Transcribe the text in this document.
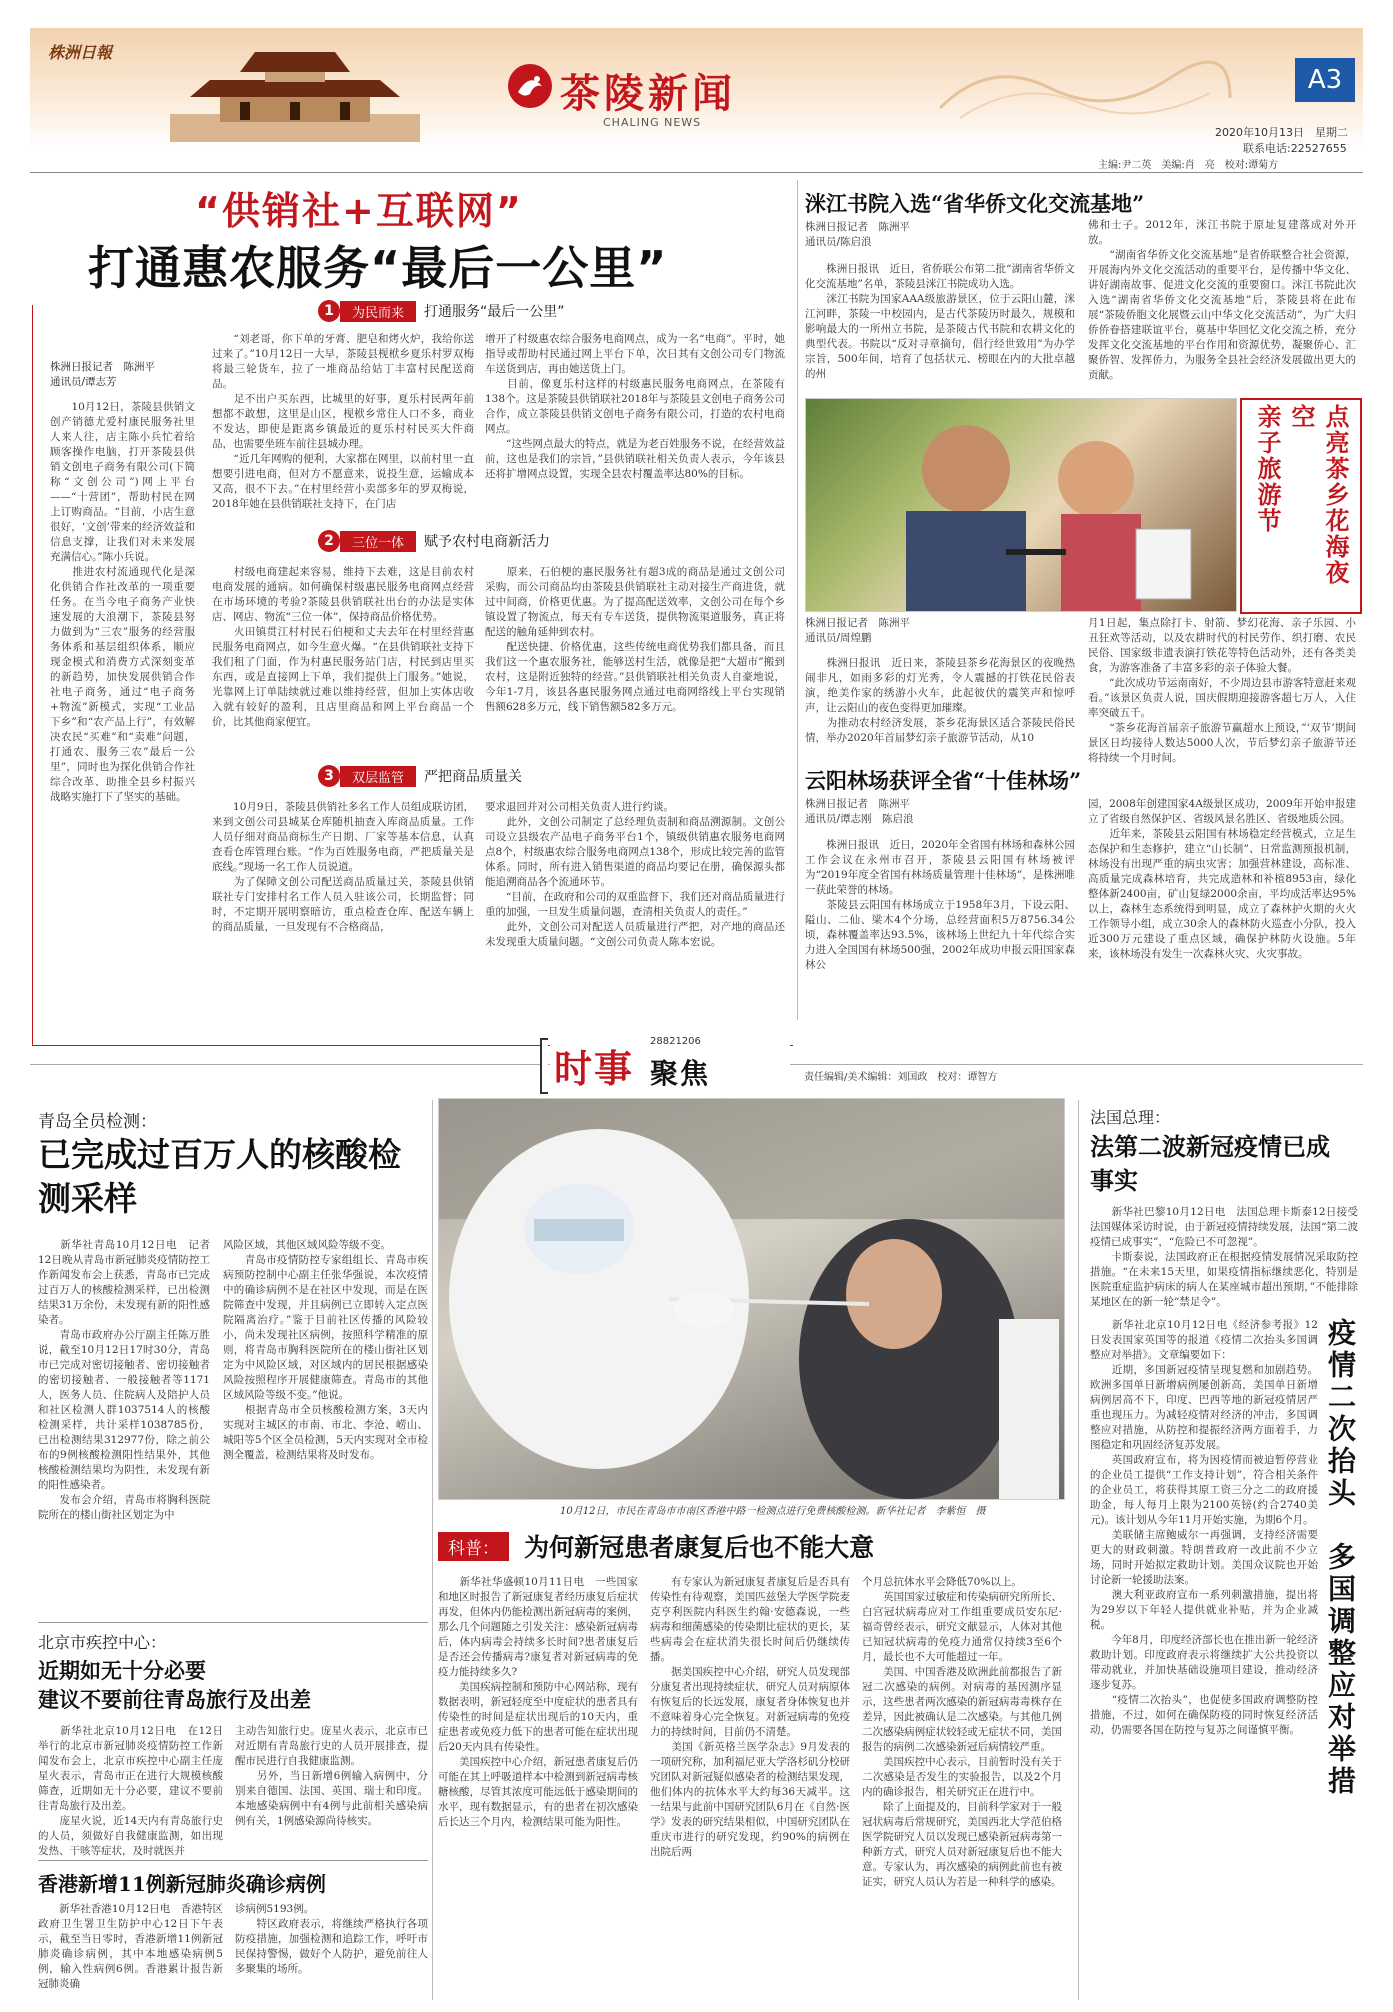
株洲日報
茶陵新闻
CHALING NEWS
A3
2020年10月13日　星期二
联系电话:22527655
主编:尹二英　美编:肖　亮　校对:谭菊方
“供销社+互联网”
打通惠农服务“最后一公里”
株洲日报记者　陈洲平
通讯员/谭志芳
　　10月12日，茶陵县供销文创产销德尤爱村康民服务社里人来人往，店主陈小兵忙着给顾客操作电脑，打开茶陵县供销文创电子商务有限公司(下简称“文创公司”)网上平台——“十营团”，帮助村民在网上订购商品。“目前，小店生意很好，‘文创’带来的经济效益和信息支撑，让我们对未来发展充满信心。”陈小兵说。
　　推进农村流通现代化是深化供销合作社改革的一项重要任务。在当今电子商务产业快速发展的大浪潮下，茶陵县努力做到为“三农”服务的经营服务体系和基层组织体系，顺应现金模式和消费方式深刻变革的新趋势，加快发展供销合作社电子商务，通过“电子商务+物流”新模式，实现“工业品下乡”和“农产品上行”，有效解决农民“买难”和“卖难”问题，打通农、服务三农”最后一公里”，同时也为探化供销合作社综合改革、助推全县乡村振兴战略实施打下了坚实的基础。
1 为民而来 打通服务“最后一公里”
　　“刘老哥，你下单的牙膏、肥皂和烤火炉，我给你送过来了。”10月12日一大早，茶陵县枧栿乡夏乐村罗双梅将最三轮货车，拉了一堆商品给姑丁丰富村民配送商品。
　　足不出户买东西，比城里的好事，夏乐村民两年前想都不敢想，这里是山区，枧栿乡常住人口不多，商业不发达，即使是距离乡镇最近的夏乐村村民买大件商品，也需要坐班车前往县城办理。
　　“近几年网购的便利，大家都在网里，以前村里一直想要引进电商，但对方不愿意来，说投生意，运输成本又高，很不下去。”在村里经营小卖部多年的罗双梅说，2018年她在县供销联社支持下，在门店
增开了村级惠农综合服务电商网点，成为一名“电商”。平时，她指导或帮助村民通过网上平台下单，次日其有文创公司专门物流车送货到店，再由她送货上门。
　　目前，像夏乐村这样的村级惠民服务电商网点，在茶陵有138个。这是茶陵县供销联社2018年与茶陵县文创电子商务公司合作，成立茶陵县供销文创电子商务有限公司，打造的农村电商网点。
　　“这些网点最大的特点，就是为老百姓服务不说，在经营效益前，这也是我们的宗旨，”县供销联社相关负责人表示，今年该县还将扩增网点设置，实现全县农村覆盖率达80%的目标。
2 三位一体 赋予农村电商新活力
　　村级电商建起来容易，维持下去难，这是目前农村电商发展的通病。如何确保村级惠民服务电商网点经营在市场环境的考验?茶陵县供销联社出台的办法是实体店、网店、物流“三位一体”，保持商品价格优势。
　　火田镇贯江村村民石伯梗和丈夫去年在村里经营惠民服务电商网点，如今生意火爆。“在县供销联社支持下我们租了门面，作为村惠民服务站门店，村民到店里买东西，或是直接网上下单，我们提供上门服务。”她说，光靠网上订单陆续就过难以维持经营，但加上实体店收入就有较好的盈利，且店里商品和网上平台商品一个价，比其他商家便宜。
　　原来，石伯梗的惠民服务社有超3成的商品是通过文创公司采购，而公司商品均由茶陵县供销联社主动对接生产商进货，就过中间商，价格更优惠。为了提高配送效率，文创公司在每个乡镇设置了物流点，每天有专车送货，提供物流渠道服务，真正将配送的触角延伸到农村。
　　配送快捷、价格优惠，这些传统电商优势我们都具备，而且我们这一个惠农服务社，能够送村生活，就像是把“大超市”搬到农村，这是附近独特的经营。”县供销联社相关负责人自豪地说，今年1-7月，该县各惠民服务网点通过电商网络线上平台实现销售额628多万元，线下销售额582多万元。
3 双层监管 严把商品质量关
　　10月9日，茶陵县供销社多名工作人员组成联访团，来到文创公司县城某仓库随机抽查入库商品质量。工作人员仔细对商品商标生产日期、厂家等基本信息，认真查看仓库管理台账。“作为百姓服务电商，严把质量关是底线。”现场一名工作人员说道。
　　为了保障文创公司配送商品质量过关，茶陵县供销联社专门安排村名工作人员入驻该公司，长期监督；同时，不定期开展明察暗访，重点检查仓库、配送车辆上的商品质量，一旦发现有不合格商品，
要求退回并对公司相关负责人进行约谈。
　　此外，文创公司制定了总经理负责制和商品溯源制。文创公司设立县级农产品电子商务平台1个，镇级供销惠农服务电商网点8个，村级惠农综合服务电商网点138个，形成比较完善的监管体系。同时，所有进入销售渠道的商品均要记在册，确保源头都能追溯商品各个流通环节。
　　“目前，在政府和公司的双重监督下，我们还对商品质量进行重的加强，一旦发生质量问题，查清相关负责人的责任。”
　　此外，文创公司对配送人员质量进行严把，对产地的商品还未发现重大质量问题。“文创公司负责人陈本宏说。
洣江书院入选“省华侨文化交流基地”
株洲日报记者　陈洲平
通讯员/陈启浪
　　株洲日报讯　近日，省侨联公布第二批“湖南省华侨文化交流基地”名单，茶陵县洣江书院成功入选。
　　洣江书院为国家AAA级旅游景区，位于云阳山麓，洣江河畔，茶陵一中校园内，是古代茶陵历时最久，规模和影响最大的一所州立书院，是茶陵古代书院和农耕文化的典型代表。书院以“反对寻章摘句，倡行经世致用”为办学宗旨，500年间，培育了包括状元、榜眼在内的大批卓越的州
佛和士子。2012年，洣江书院于原址复建落成对外开放。
　　“湖南省华侨文化交流基地”是省侨联整合社会资源，开展海内外文化交流活动的重要平台，是传播中华文化、讲好湖南故事、促进文化交流的重要窗口。洣江书院此次入选“湖南省华侨文化交流基地”后，茶陵县将在此布展“茶陵侨胞文化展暨云山中华文化交流活动”，为广大归侨侨眷搭建联谊平台，奠基中华回忆文化交流之桥，充分发挥文化交流基地的平台作用和资源优势，凝聚侨心、汇聚侨智、发挥侨力，为服务全县社会经济发展做出更大的贡献。
点亮茶乡花海夜空
亲子旅游节
株洲日报记者　陈洲平
通讯员/周煌鹏
　　株洲日报讯　近日来，茶陵县茶乡花海景区的夜晚热闹非凡，如雨多彩的灯光秀，令人震撼的打铁花民俗表演，绝美作家的绣游小火车，此起彼伏的震笑声和惊呼声，让云阳山的夜色变得更加璀璨。
　　为推动农村经济发展，茶乡花海景区适合茶陵民俗民情，举办2020年首届梦幻亲子旅游节活动，从10
月1日起，集点除打卡、射箭、梦幻花海、亲子乐园、小丑狂欢等活动，以及农耕时代的村民劳作、织打磨、农民民俗、国家级非遗表演打铁花等特色活动外，还有各类美食，为游客准备了丰富多彩的亲子体验大餐。
　　“此次成功节运南南好，不少周边县市游客特意赶来观看。”该景区负责人说，国庆假期迎接游客超七万人，入住率突破五千。
　　“茶乡花海首届亲子旅游节赢超水上预设，”‘双节’期间景区日均接待人数达5000人次，节后梦幻亲子旅游节还将持续一个月时间。
云阳林场获评全省“十佳林场”
株洲日报记者　陈洲平
通讯员/谭志刚　陈启浪
　　株洲日报讯　近日，2020年全省国有林场和森林公园工作会议在永州市召开，茶陵县云阳国有林场被评为“2019年度全省国有林场质量管理十佳林场”，是株洲唯一获此荣誉的林场。
　　茶陵县云阳国有林场成立于1958年3月，下设云阳、隘山、二仙、梁木4个分场，总经营面积5万8756.34公顷，森林覆盖率达93.5%，该林场上世纪九十年代综合实力进入全国国有林场500强，2002年成功申报云阳国家森林公
园，2008年创建国家4A级景区成功，2009年开始申报建立了省级自然保护区、省级风景名胜区、省级地质公园。
　　近年来，茶陵县云阳国有林场稳定经营模式，立足生态保护和生态修护，建立“山长制”、日常监测预报机制，林场没有出现严重的病虫灾害；加强营林建设，高标准、高质量完成森林培育，共完成造林和补植8953亩，绿化整体新2400亩，矿山复绿2000余亩，平均成活率达95%以上，森林生态系统得到明显，成立了森林护火期的火火工作领导小组，成立30余人的森林防火巡查小分队，投入近300万元建设了重点区域，确保护林防火设施。5年来，该林场没有发生一次森林火灾、火灾事故。
时事 聚焦
28821206
责任编辑/美术编辑：刘国政　校对：谭智方
青岛全员检测：
已完成过百万人的核酸检测采样
　　新华社青岛10月12日电　记者12日晚从青岛市新冠肺炎疫情防控工作新闻发布会上获悉，青岛市已完成过百万人的核酸检测采样，已出检测结果31万余份，未发现有新的阳性感染者。
　　青岛市政府办公厅副主任陈万胜说，截至10月12日17时30分，青岛市已完成对密切接触者、密切接触者的密切接触者、一般接触者等1171人，医务人员、住院病人及陪护人员和社区检测人群1037514人的核酸检测采样，共计采样1038785份，已出检测结果312977份，除之前公布的9例核酸检测阳性结果外，其他核酸检测结果均为阴性，未发现有新的阳性感染者。
　　发布会介绍，青岛市将胸科医院院所在的楼山街社区划定为中
风险区域，其他区域风险等级不变。
　　青岛市疫情防控专家组组长、青岛市疾病预防控制中心副主任张华强说，本次疫情中的确诊病例不是在社区中发现，而是在医院筛查中发现，并且病例已立即转入定点医院隔离治疗。”鉴于目前社区传播的风险较小，尚未发现社区病例，按照科学精准的原则，将青岛市胸科医院所在的楼山街社区划定为中风险区域，对区域内的居民根据感染风险按照程序开展健康筛查。青岛市的其他区域风险等级不变。”他说。
　　根据青岛市全员核酸检测方案，3天内实现对主城区的市南、市北、李沧、崂山、城阳等5个区全员检测，5天内实现对全市检测全覆盖，检测结果将及时发布。
10月12日，市民在青岛市市南区香港中路一检测点进行免费核酸检测。新华社记者　李紫恒　摄
科普： 为何新冠患者康复后也不能大意
　　新华社华盛顿10月11日电　一些国家和地区时报告了新冠康复者经历康复后症状再发，但体内仍能检测出新冠病毒的案例，那么几个问题随之引发关注：感染新冠病毒后，体内病毒会持续多长时间?患者康复后是否还会传播病毒?康复者对新冠病毒的免疫力能持续多久?
　　美国疾病控制和预防中心网站称，现有数据表明，新冠轻度至中度症状的患者具有传染性的时间是症状出现后的10天内，重症患者或免疫力低下的患者可能在症状出现后20天内具有传染性。
　　美国疾控中心介绍，新冠患者康复后仍可能在其上呼吸道样本中检测到新冠病毒核糖核酸，尽管其浓度可能远低于感染期间的水平，现有数据显示，有的患者在初次感染后长达三个月内，检测结果可能为阳性。
　　有专家认为新冠康复者康复后是否具有传染性有待观察，美国匹兹堡大学医学院麦克亨利医院内科医生约翰·安德森说，一些病毒和细菌感染的传染期比症状的更长，某些病毒会在症状消失很长时间后仍继续传播。
　　据美国疾控中心介绍，研究人员发现部分康复者出现持续症状，研究人员对病原体有恢复后的长远发展，康复者身体恢复也并不意味着身心完全恢复。对新冠病毒的免疫力的持续时间，目前仍不清楚。
　　美国《新英格兰医学杂志》9月发表的一项研究称，加利福尼亚大学洛杉矶分校研究团队对新冠疑似感染者的检测结果发现，他们体内的抗体水平大约每36天减半。这一结果与此前中国研究团队6月在《自然·医学》发表的研究结果相似，中国研究团队在重庆市进行的研究发现，约90%的病例在出院后两
个月总抗体水平会降低70%以上。
　　英国国家过敏症和传染病研究所所长、白宫冠状病毒应对工作组重要成员安东尼·福奇曾经表示，研究文献显示，人体对其他已知冠状病毒的免疫力通常仅持续3至6个月，最长也不大可能超过一年。
　　美国、中国香港及欧洲此前都报告了新冠二次感染的病例。对病毒的基因测序显示，这些患者两次感染的新冠病毒毒株存在差异，因此被确认是二次感染。与其他几例二次感染病例症状较轻或无症状不同，美国报告的病例二次感染新冠后病情较严重。
　　美国疾控中心表示，目前暂时没有关于二次感染是否发生的实验报告，以及2个月内的确诊报告，相关研究正在进行中。
　　除了上面提及的，目前科学家对于一般冠状病毒后常规研究，美国西北大学范伯格医学院研究人员以发现已感染新冠病毒第一种新方式，研究人员对新冠康复后也不能大意。专家认为，再次感染的病例此前也有被证实，研究人员认为若是一种科学的感染。
法国总理：
法第二波新冠疫情已成事实
　　新华社巴黎10月12日电　法国总理卡斯泰12日接受法国媒体采访时说，由于新冠疫情持续发展，法国“第二波疫情已成事实”，“危险已不可忽视”。
　　卡斯泰说，法国政府正在根据疫情发展情况采取防控措施。“在未来15天里，如果疫情指标继续恶化，特别是医院重症监护病床的病人在某座城市超出预期，”不能排除某地区在的新一轮“禁足令”。
　　新华社北京10月12日电《经济参考报》12日发表国家英国等的报道《疫情二次抬头多国调整应对举措》。文章编要如下：
　　近期，多国新冠疫情呈现复燃和加剧趋势。欧洲多国单日新增病例屡创新高，美国单日新增病例居高不下，印度、巴西等地的新冠疫情居严重也现压力。为减轻疫情对经济的冲击，多国调整应对措施，从防控和提振经济两方面着手，力图稳定和巩固经济复苏发展。
　　英国政府宣布，将为因疫情而被迫暂停营业的企业员工提供“工作支持计划”，符合相关条件的企业员工，将获得其原工资三分之二的政府援助金，每人每月上限为2100英镑(约合2740美元)。该计划从今年11月开始实施，为期6个月。
　　美联储主席鲍威尔一再强调，支持经济需要更大的财政刺激。特朗普政府一改此前不少立场，同时开始拟定救助计划。美国众议院也开始讨论新一轮援助法案。
　　澳大利亚政府宣布一系列刺激措施，提出将为29岁以下年轻人提供就业补贴，并为企业减税。
　　今年8月，印度经济部长也在推出新一轮经济救助计划。印度政府表示将继续扩大公共投资以带动就业，并加快基础设施项目建设，推动经济逐步复苏。
　　“疫情二次抬头”，也促使多国政府调整防控措施，不过，如何在确保防疫的同时恢复经济活动，仍需要各国在防控与复苏之间谨慎平衡。 疫情二次抬头　多国调整应对举措
北京市疾控中心：
近期如无十分必要
建议不要前往青岛旅行及出差
　　新华社北京10月12日电　在12日举行的北京市新冠肺炎疫情防控工作新闻发布会上，北京市疾控中心副主任庞星火表示，青岛市正在进行大规模核酸筛查，近期如无十分必要，建议不要前往青岛旅行及出差。
　　庞星火说，近14天内有青岛旅行史的人员，须做好自我健康监测，如出现发热、干咳等症状，及时就医并
主动告知旅行史。庞星火表示，北京市已对近期有青岛旅行史的人员开展排查，提醒市民进行自我健康监测。
　　另外，当日新增6例输入病例中，分别来自德国、法国、英国、瑞士和印度。本地感染病例中有4例与此前相关感染病例有关，1例感染源尚待核实。
香港新增11例新冠肺炎确诊病例
　　新华社香港10月12日电　香港特区政府卫生署卫生防护中心12日下午表示，截至当日零时，香港新增11例新冠肺炎确诊病例，其中本地感染病例5例，输入性病例6例。香港累计报告新冠肺炎确
诊病例5193例。
　　特区政府表示，将继续严格执行各项防疫措施，加强检测和追踪工作，呼吁市民保持警惕，做好个人防护，避免前往人多聚集的场所。
